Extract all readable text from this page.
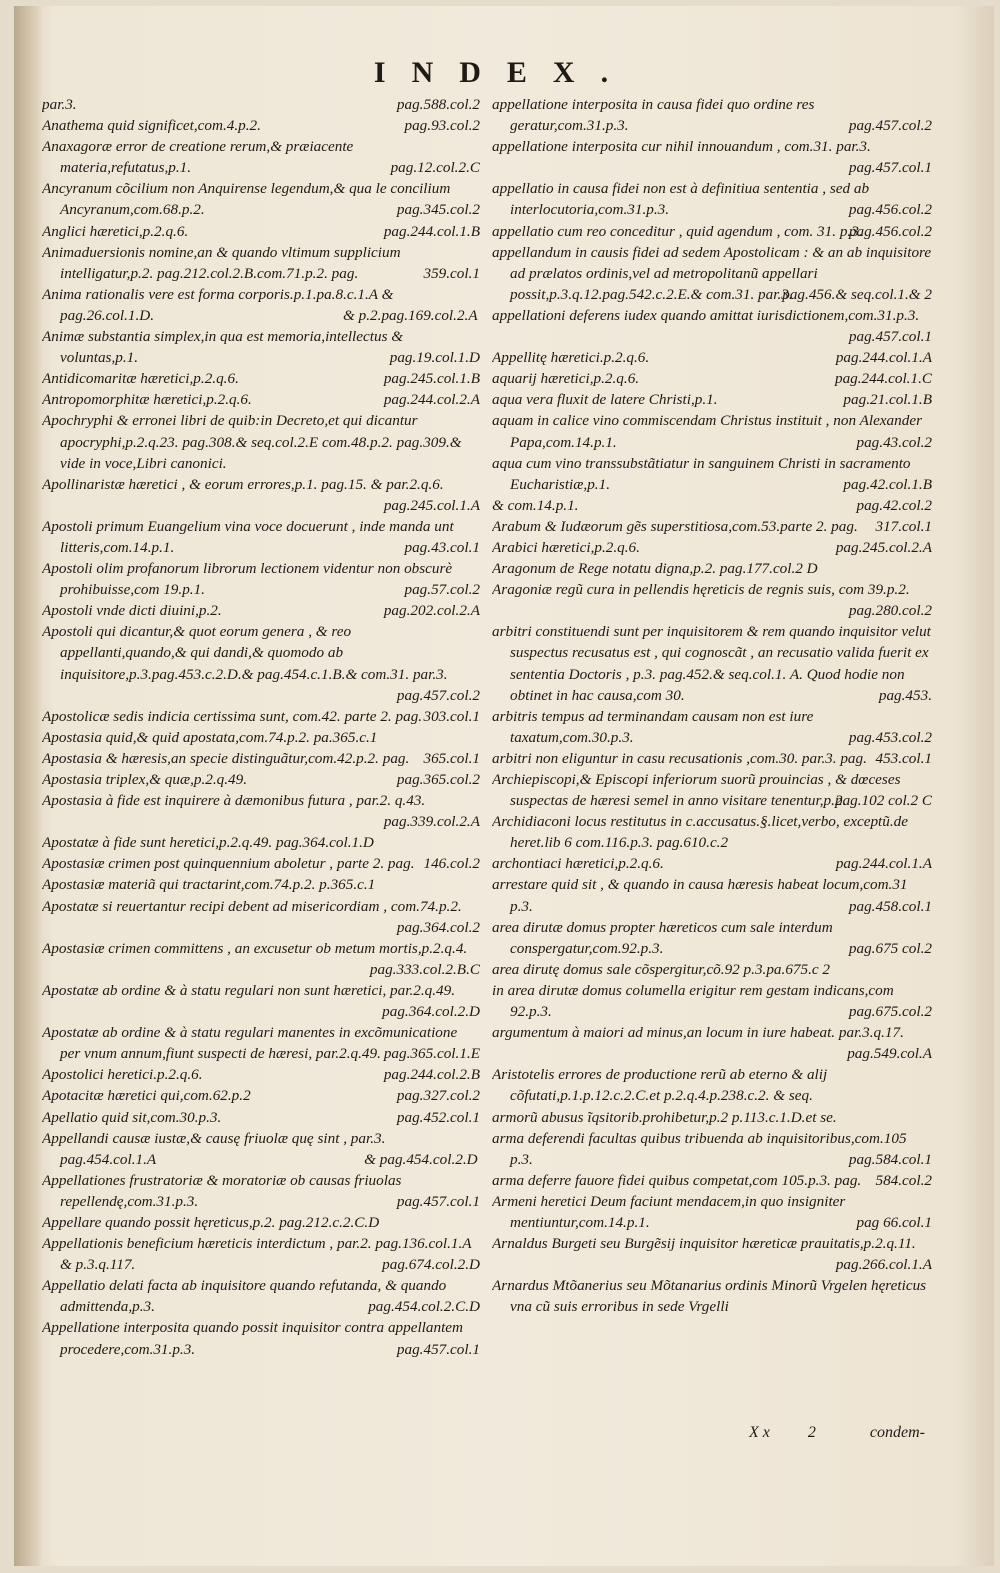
INDEX.

par.3.	pag.588.col.2

Anathema quid significet,com.4.p.2.	pag.93.col.2

Anaxagoræ error de creatione rerum,& præiacente materia,refutatus,p.1.	pag.12.col.2.C

Ancyranum cõcilium non Anquirense legendum,& qua le concilium Ancyranum,com.68.p.2.	pag.345.col.2

Anglici hæretici,p.2.q.6.	pag.244.col.1.B

Animaduersionis nomine,an & quando vltimum supplicium intelligatur,p.2. pag.212.col.2.B.com.71.p.2. pag.	359.col.1

Anima rationalis vere est forma corporis.p.1.pa.8.c.1.A & pag.26.col.1.D.	& p.2.pag.169.col.2.A

Animæ substantia simplex,in qua est memoria,intellectus & voluntas,p.1.	pag.19.col.1.D

Antidicomaritæ hæretici,p.2.q.6.	pag.245.col.1.B

Antropomorphitæ hæretici,p.2.q.6.	pag.244.col.2.A

Apochryphi & erronei libri de quib:in Decreto,et qui dicantur apocryphi,p.2.q.23. pag.308.& seq.col.2.E com.48.p.2. pag.309.& vide in voce,Libri canonici.

Apollinaristæ hæretici , & eorum errores,p.1. pag.15. & par.2.q.6.
pag.245.col.1.A

Apostoli primum Euangelium vina voce docuerunt , inde manda unt litteris,com.14.p.1.	pag.43.col.1

Apostoli olim profanorum librorum lectionem videntur non obscurè prohibuisse,com 19.p.1.	pag.57.col.2

Apostoli vnde dicti diuini,p.2.	pag.202.col.2.A

Apostoli qui dicantur,& quot eorum genera , & reo appellanti,quando,& qui dandi,& quomodo ab inquisitore,p.3.pag.453.c.2.D.& pag.454.c.1.B.& com.31. par.3.
pag.457.col.2

Apostolicæ sedis indicia certissima sunt, com.42. parte 2. pag. 303.col.1

Apostasia quid,& quid apostata,com.74.p.2. pa.365.c.1

Apostasia & hæresis,an specie distinguãtur,com.42.p.2. pag. 365.col.1

Apostasia triplex,& quæ,p.2.q.49.	pag.365.col.2

Apostasia à fide est inquirere à dæmonibus futura , par.2. q.43.
pag.339.col.2.A

Apostatæ à fide sunt heretici,p.2.q.49. pag.364.col.1.D

Apostasiæ crimen post quinquennium aboletur , parte 2. pag. 146.col.2

Apostasiæ materiã qui tractarint,com.74.p.2. p.365.c.1

Apostatæ si reuertantur recipi debent ad misericordiam , com.74.p.2.
pag.364.col.2

Apostasiæ crimen committens , an excusetur ob metum mortis,p.2.q.4.
pag.333.col.2.B.C

Apostatæ ab ordine & à statu regulari non sunt hæretici, par.2.q.49.
pag.364.col.2.D

Apostatæ ab ordine & à statu regulari manentes in excõmunicatione per vnum annum,fiunt suspecti de hæresi, par.2.q.49. pag.365.col.1.E

Apostolici heretici.p.2.q.6.	pag.244.col.2.B

Apotacitæ hæretici qui,com.62.p.2	pag.327.col.2

Apellatio quid sit,com.30.p.3.	pag.452.col.1

Appellandi causæ iustæ,& causę friuolæ quę sint , par.3. pag.454.col.1.A	& pag.454.col.2.D

Appellationes frustratoriæ & moratoriæ ob causas friuolas repellendę,com.31.p.3.	pag.457.col.1

Appellare quando possit hęreticus,p.2. pag.212.c.2.C.D

Appellationis beneficium hæreticis interdictum , par.2. pag.136.col.1.A & p.3.q.117.	pag.674.col.2.D

Appellatio delati facta ab inquisitore quando refutanda, & quando admittenda,p.3.	pag.454.col.2.C.D

Appellatione interposita quando possit inquisitor contra appellantem procedere,com.31.p.3.	pag.457.col.1

appellatione interposita in causa fidei quo ordine res geratur,com.31.p.3.	pag.457.col.2

appellatione interposita cur nihil innouandum , com.31. par.3.
pag.457.col.1

appellatio in causa fidei non est à definitiua sententia , sed ab interlocutoria,com.31.p.3.	pag.456.col.2

appellatio cum reo conceditur , quid agendum , com. 31. p.3.
pag.456.col.2

appellandum in causis fidei ad sedem Apostolicam : & an ab inquisitore ad prælatos ordinis,vel ad metropolitanũ appellari possit,p.3.q.12.pag.542.c.2.E.& com.31. par.3.
pag.456.& seq.col.1.& 2

appellationi deferens iudex quando amittat iurisdictionem,com.31.p.3.
pag.457.col.1

Appellitę hæretici.p.2.q.6.	pag.244.col.1.A

aquarij hæretici,p.2.q.6.	pag.244.col.1.C

aqua vera fluxit de latere Christi,p.1.	pag.21.col.1.B

aquam in calice vino commiscendam Christus instituit , non Alexander Papa,com.14.p.1.	pag.43.col.2

aqua cum vino transsubstãtiatur in sanguinem Christi in sacramento Eucharistiæ,p.1.	pag.42.col.1.B

& com.14.p.1.	pag.42.col.2

Arabum & Iudæorum gẽs superstitiosa,com.53.parte 2. pag. 317.col.1

Arabici hæretici,p.2.q.6.	pag.245.col.2.A

Aragonum de Rege notatu digna,p.2. pag.177.col.2 D

Aragoniæ regũ cura in pellendis hęreticis de regnis suis, com 39.p.2.
pag.280.col.2

arbitri constituendi sunt per inquisitorem & rem quando inquisitor velut suspectus recusatus est , qui cognoscãt , an recusatio valida fuerit ex sententia Doctoris , p.3. pag.452.& seq.col.1. A. Quod hodie non obtinet in hac causa,com 30.	pag.453.

arbitris tempus ad terminandam causam non est iure taxatum,com.30.p.3.	pag.453.col.2

arbitri non eliguntur in casu recusationis ,com.30. par.3. pag. 453.col.1

Archiepiscopi,& Episcopi inferiorum suorũ prouincias , & dœceses suspectas de hæresi semel in anno visitare tenentur,p.2.
pag.102 col.2 C

Archidiaconi locus restitutus in c.accusatus.§.licet,verbo, exceptũ.de heret.lib 6 com.116.p.3. pag.610.c.2

archontiaci hæretici,p.2.q.6.	pag.244.col.1.A

arrestare quid sit , & quando in causa hæresis habeat locum,com.31 p.3.	pag.458.col.1

area dirutæ domus propter hæreticos cum sale interdum conspergatur,com.92.p.3.	pag.675 col.2

area dirutę domus sale cõspergitur,cõ.92 p.3.pa.675.c 2

in area dirutæ domus columella erigitur rem gestam indicans,com 92.p.3.	pag.675.col.2

argumentum à maiori ad minus,an locum in iure habeat. par.3.q.17.
pag.549.col.A

Aristotelis errores de productione rerũ ab eterno & alij cõfutati,p.1.p.12.c.2.C.et p.2.q.4.p.238.c.2. & seq.

armorũ abusus ĩqsitorib.prohibetur,p.2 p.113.c.1.D.et se.

arma deferendi facultas quibus tribuenda ab inquisitoribus,com.105 p.3.	pag.584.col.1

arma deferre fauore fidei quibus competat,com 105.p.3. pag. 584.col.2

Armeni heretici Deum faciunt mendacem,in quo insigniter mentiuntur,com.14.p.1.	pag 66.col.1

Arnaldus Burgeti seu Burgẽsij inquisitor hæreticæ prauitatis,p.2.q.11.
pag.266.col.1.A

Arnardus Mtõanerius seu Mõtanarius ordinis Minorũ Vrgelen hęreticus vna cũ suis erroribus in sede Vrgelli

Xx 2	condem-
